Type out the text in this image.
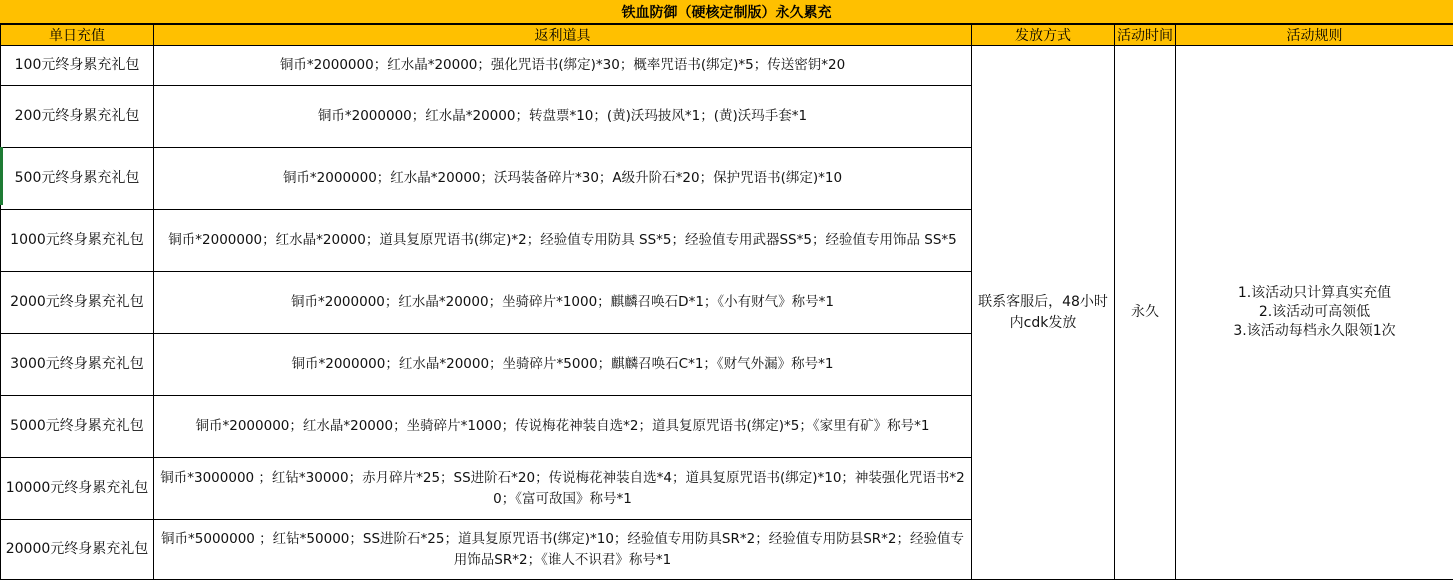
铁血防御（硬核定制版）永久累充
单日充值	返利道具	发放方式	活动时间	活动规则
100元终身累充礼包	铜币*2000000；红水晶*20000；强化咒语书(绑定)*30；概率咒语书(绑定)*5；传送密钥*20	联系客服后，48小时内cdk发放	永久	1.该活动只计算真实充值
2.该活动可高领低
3.该活动每档永久限领1次

200元终身累充礼包	铜币*2000000；红水晶*20000；转盘票*10；(黄)沃玛披风*1；(黄)沃玛手套*1			
500元终身累充礼包	铜币*2000000；红水晶*20000；沃玛装备碎片*30；A级升阶石*20；保护咒语书(绑定)*10			
1000元终身累充礼包	铜币*2000000；红水晶*20000；道具复原咒语书(绑定)*2；经验值专用防具 SS*5；经验值专用武器SS*5；经验值专用饰品 SS*5			
2000元终身累充礼包	铜币*2000000；红水晶*20000；坐骑碎片*1000；麒麟召唤石D*1；《小有财气》称号*1			
3000元终身累充礼包	铜币*2000000；红水晶*20000；坐骑碎片*5000；麒麟召唤石C*1；《财气外漏》称号*1			
5000元终身累充礼包	铜币*2000000；红水晶*20000；坐骑碎片*1000；传说梅花神装自选*2；道具复原咒语书(绑定)*5；《家里有矿》称号*1			
10000元终身累充礼包	铜币*3000000 ；红钻*30000；赤月碎片*25；SS进阶石*20；传说梅花神装自选*4；道具复原咒语书(绑定)*10；神装强化咒语书*20；《富可敌国》称号*1			
20000元终身累充礼包	铜币*5000000 ；红钻*50000；SS进阶石*25；道具复原咒语书(绑定)*10；经验值专用防具SR*2；经验值专用防县SR*2；经验值专用饰品SR*2；《谁人不识君》称号*1			
